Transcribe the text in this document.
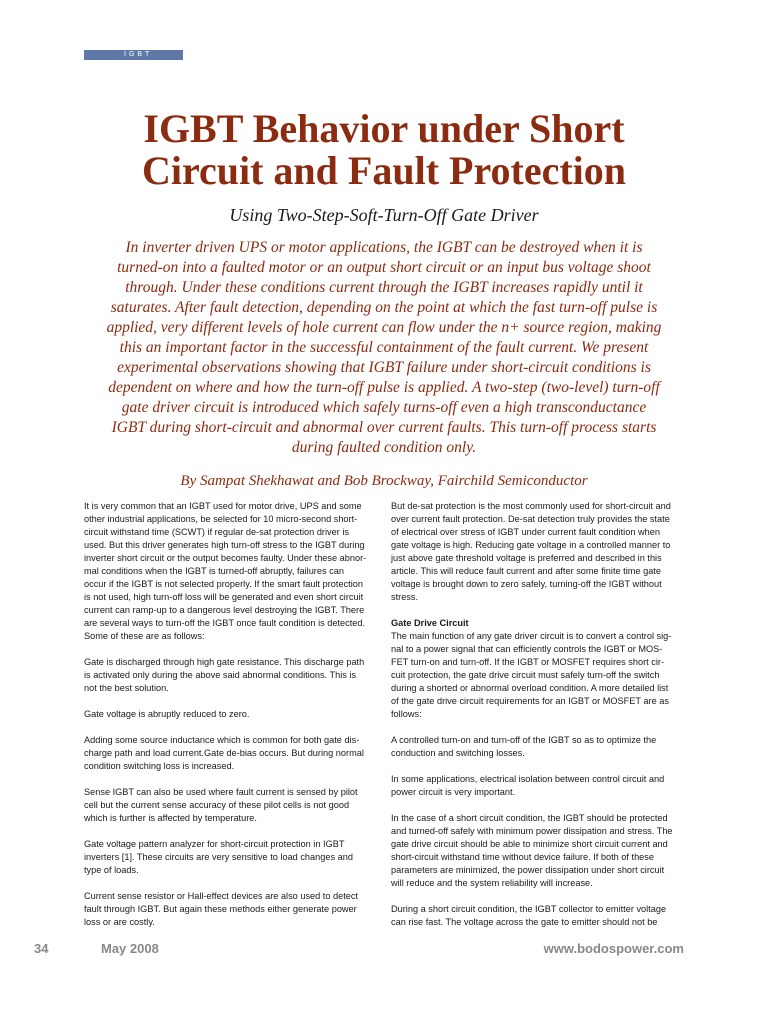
IGBT
IGBT Behavior under Short
Circuit and Fault Protection
Using Two-Step-Soft-Turn-Off Gate Driver
In inverter driven UPS or motor applications, the IGBT can be destroyed when it is
turned-on into a faulted motor or an output short circuit or an input bus voltage shoot
through. Under these conditions current through the IGBT increases rapidly until it
saturates. After fault detection, depending on the point at which the fast turn-off pulse is
applied, very different levels of hole current can flow under the n+ source region, making
this an important factor in the successful containment of the fault current. We present
experimental observations showing that IGBT failure under short-circuit conditions is
dependent on where and how the turn-off pulse is applied. A two-step (two-level) turn-off
gate driver circuit is introduced which safely turns-off even a high transconductance
IGBT during short-circuit and abnormal over current faults. This turn-off process starts
during faulted condition only.
By Sampat Shekhawat and Bob Brockway, Fairchild Semiconductor
It is very common that an IGBT used for motor drive, UPS and some
other industrial applications, be selected for 10 micro-second short-
circuit withstand time (SCWT) if regular de-sat protection driver is
used. But this driver generates high turn-off stress to the IGBT during
inverter short circuit or the output becomes faulty. Under these abnor-
mal conditions when the IGBT is turned-off abruptly, failures can
occur if the IGBT is not selected properly. If the smart fault protection
is not used, high turn-off loss will be generated and even short circuit
current can ramp-up to a dangerous level destroying the IGBT. There
are several ways to turn-off the IGBT once fault condition is detected.
Some of these are as follows:
Gate is discharged through high gate resistance. This discharge path
is activated only during the above said abnormal conditions. This is
not the best solution.
Gate voltage is abruptly reduced to zero.
Adding some source inductance which is common for both gate dis-
charge path and load current.Gate de-bias occurs. But during normal
condition switching loss is increased.
Sense IGBT can also be used where fault current is sensed by pilot
cell but the current sense accuracy of these pilot cells is not good
which is further is affected by temperature.
Gate voltage pattern analyzer for short-circuit protection in IGBT
inverters [1]. These circuits are very sensitive to load changes and
type of loads.
Current sense resistor or Hall-effect devices are also used to detect
fault through IGBT. But again these methods either generate power
loss or are costly.
But de-sat protection is the most commonly used for short-circuit and
over current fault protection. De-sat detection truly provides the state
of electrical over stress of IGBT under current fault condition when
gate voltage is high. Reducing gate voltage in a controlled manner to
just above gate threshold voltage is preferred and described in this
article. This will reduce fault current and after some finite time gate
voltage is brought down to zero safely, turning-off the IGBT without
stress.
Gate Drive Circuit
The main function of any gate driver circuit is to convert a control sig-
nal to a power signal that can efficiently controls the IGBT or MOS-
FET turn-on and turn-off. If the IGBT or MOSFET requires short cir-
cuit protection, the gate drive circuit must safely turn-off the switch
during a shorted or abnormal overload condition. A more detailed list
of the gate drive circuit requirements for an IGBT or MOSFET are as
follows:
A controlled turn-on and turn-off of the IGBT so as to optimize the
conduction and switching losses.
In some applications, electrical isolation between control circuit and
power circuit is very important.
In the case of a short circuit condition, the IGBT should be protected
and turned-off safely with minimum power dissipation and stress. The
gate drive circuit should be able to minimize short circuit current and
short-circuit withstand time without device failure. If both of these
parameters are minimized, the power dissipation under short circuit
will reduce and the system reliability will increase.
During a short circuit condition, the IGBT collector to emitter voltage
can rise fast. The voltage across the gate to emitter should not be
34	May 2008	www.bodospower.com
